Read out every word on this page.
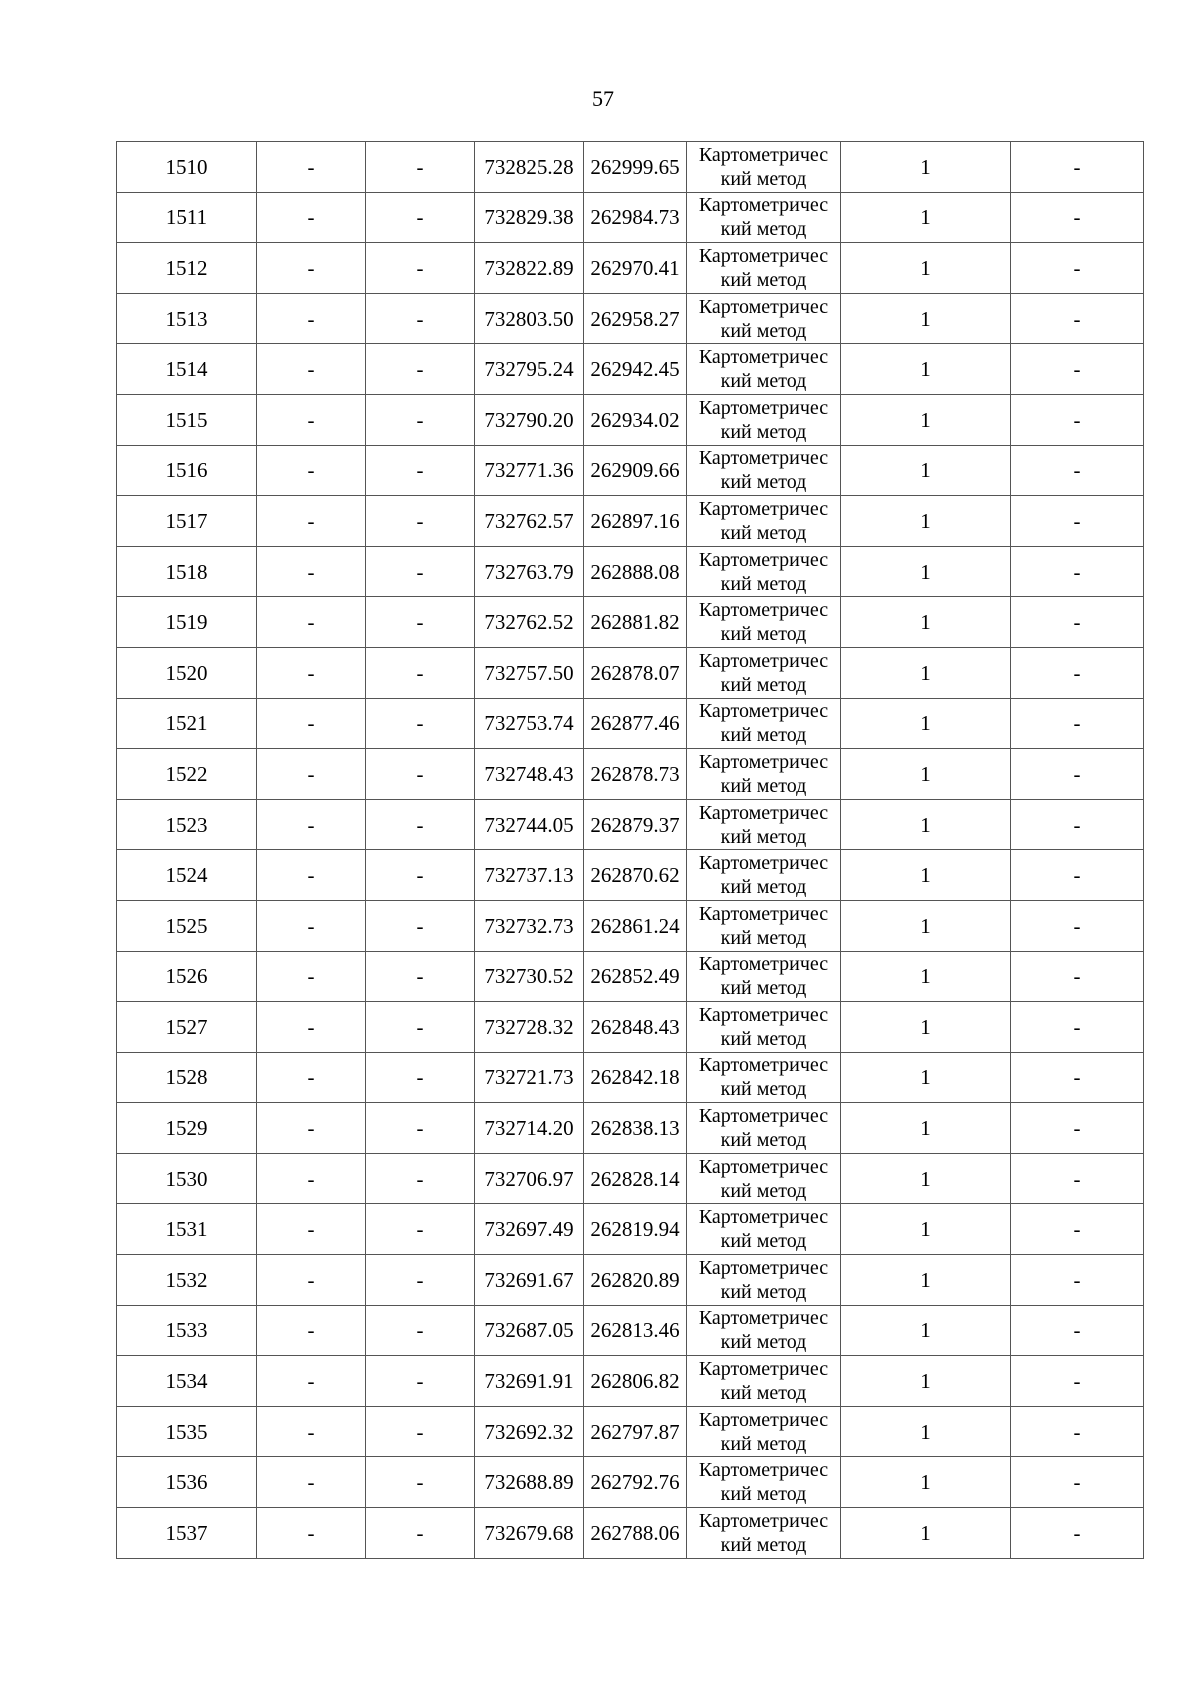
57
1510	-	-	732825.28	262999.65	Картометричес
кий метод	1	-
1511	-	-	732829.38	262984.73	Картометричес
кий метод	1	-
1512	-	-	732822.89	262970.41	Картометричес
кий метод	1	-
1513	-	-	732803.50	262958.27	Картометричес
кий метод	1	-
1514	-	-	732795.24	262942.45	Картометричес
кий метод	1	-
1515	-	-	732790.20	262934.02	Картометричес
кий метод	1	-
1516	-	-	732771.36	262909.66	Картометричес
кий метод	1	-
1517	-	-	732762.57	262897.16	Картометричес
кий метод	1	-
1518	-	-	732763.79	262888.08	Картометричес
кий метод	1	-
1519	-	-	732762.52	262881.82	Картометричес
кий метод	1	-
1520	-	-	732757.50	262878.07	Картометричес
кий метод	1	-
1521	-	-	732753.74	262877.46	Картометричес
кий метод	1	-
1522	-	-	732748.43	262878.73	Картометричес
кий метод	1	-
1523	-	-	732744.05	262879.37	Картометричес
кий метод	1	-
1524	-	-	732737.13	262870.62	Картометричес
кий метод	1	-
1525	-	-	732732.73	262861.24	Картометричес
кий метод	1	-
1526	-	-	732730.52	262852.49	Картометричес
кий метод	1	-
1527	-	-	732728.32	262848.43	Картометричес
кий метод	1	-
1528	-	-	732721.73	262842.18	Картометричес
кий метод	1	-
1529	-	-	732714.20	262838.13	Картометричес
кий метод	1	-
1530	-	-	732706.97	262828.14	Картометричес
кий метод	1	-
1531	-	-	732697.49	262819.94	Картометричес
кий метод	1	-
1532	-	-	732691.67	262820.89	Картометричес
кий метод	1	-
1533	-	-	732687.05	262813.46	Картометричес
кий метод	1	-
1534	-	-	732691.91	262806.82	Картометричес
кий метод	1	-
1535	-	-	732692.32	262797.87	Картометричес
кий метод	1	-
1536	-	-	732688.89	262792.76	Картометричес
кий метод	1	-
1537	-	-	732679.68	262788.06	Картометричес
кий метод	1	-
